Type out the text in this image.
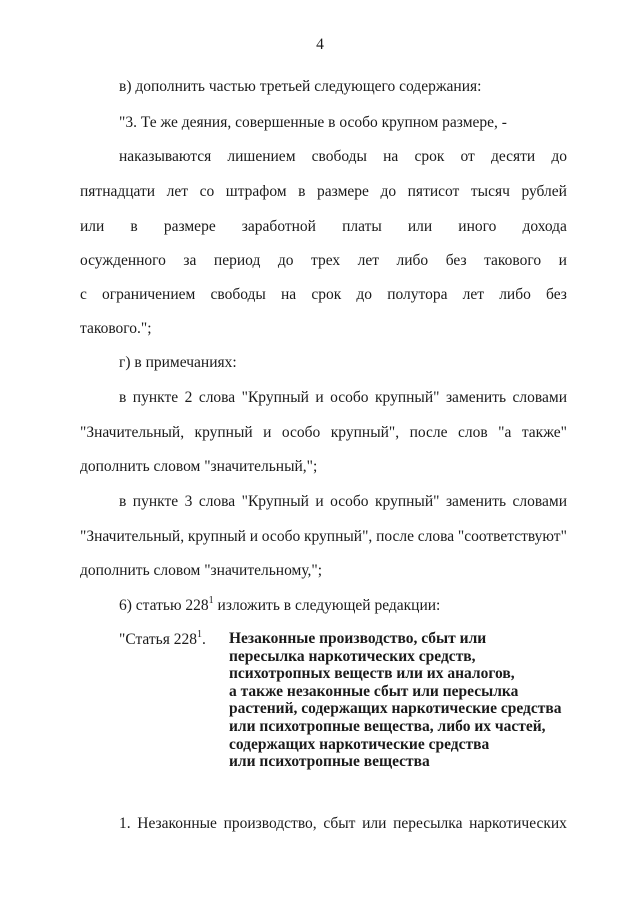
4
в) дополнить частью третьей следующего содержания:
"3. Те же деяния, совершенные в особо крупном размере, -
наказываются лишением свободы на срок от десяти до
пятнадцати лет со штрафом в размере до пятисот тысяч рублей
или в размере заработной платы или иного дохода
осужденного за период до трех лет либо без такового и
с ограничением свободы на срок до полутора лет либо без
такового.";
г) в примечаниях:
в пункте 2 слова "Крупный и особо крупный" заменить словами
"Значительный, крупный и особо крупный", после слов "а также"
дополнить словом "значительный,";
в пункте 3 слова "Крупный и особо крупный" заменить словами
"Значительный, крупный и особо крупный", после слова "соответствуют"
дополнить словом "значительному,";
6) статью $228^1$ изложить в следующей редакции:
"Статья $228^1$. Незаконные производство, сбыт или
пересылка наркотических средств,
психотропных веществ или их аналогов,
а также незаконные сбыт или пересылка
растений, содержащих наркотические средства
или психотропные вещества, либо их частей,
содержащих наркотические средства
или психотропные вещества
1. Незаконные производство, сбыт или пересылка наркотических
